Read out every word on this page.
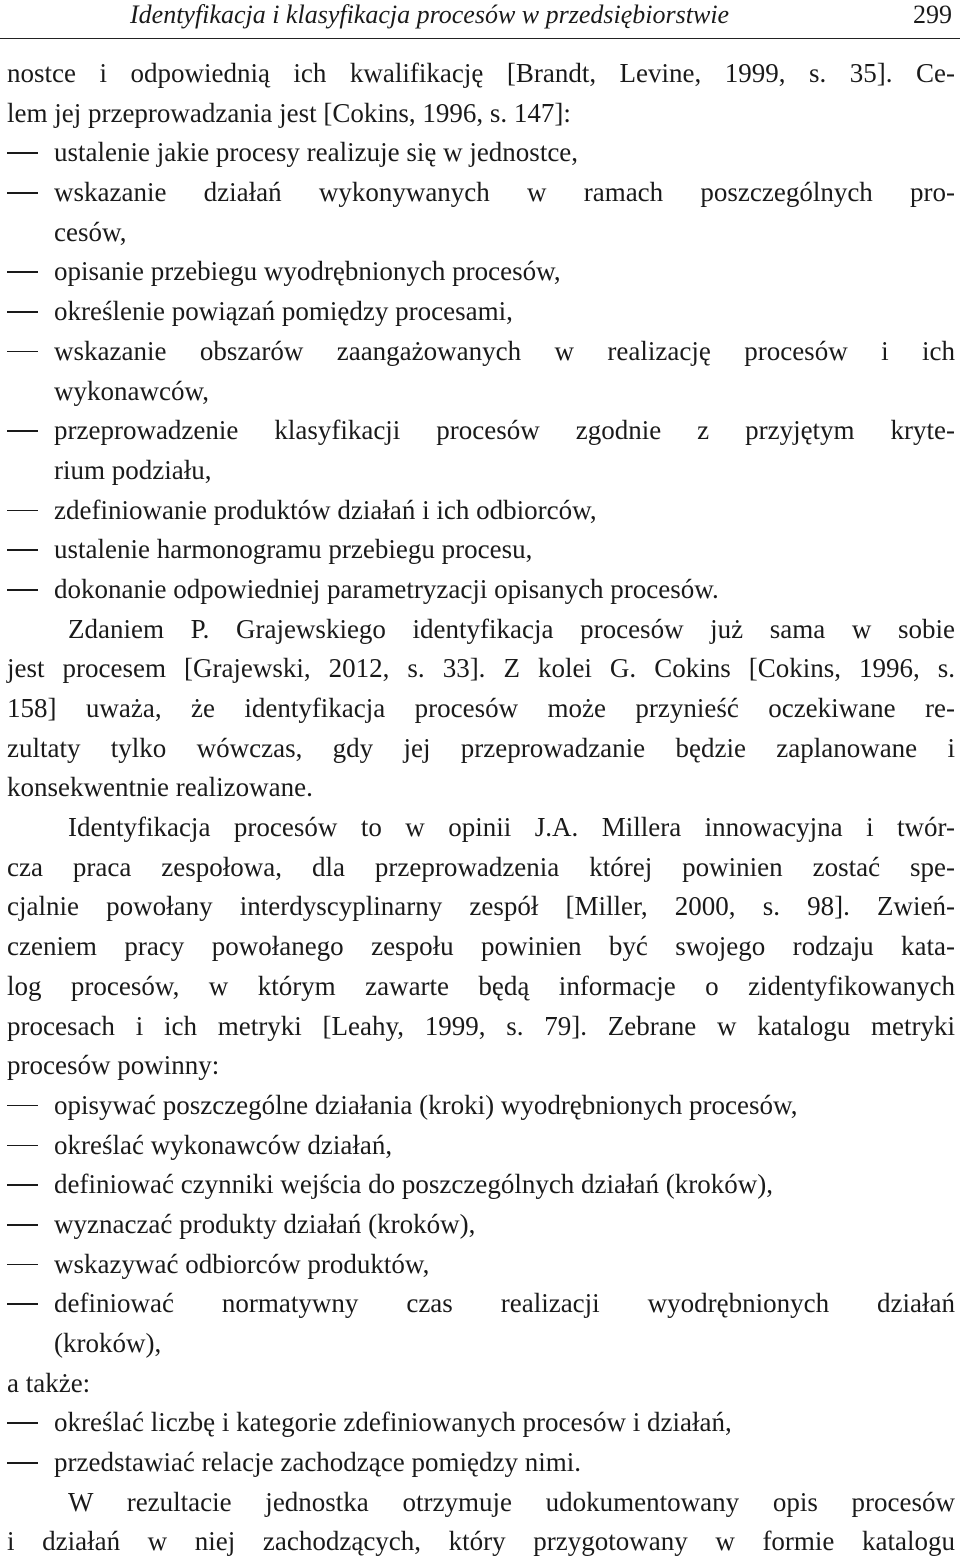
Identyfikacja i klasyfikacja procesów w przedsiębiorstwie	299
nostce i odpowiednią ich kwalifikację [Brandt, Levine, 1999, s. 35]. Ce-
lem jej przeprowadzania jest [Cokins, 1996, s. 147]:
ustalenie jakie procesy realizuje się w jednostce,
wskazanie działań wykonywanych w ramach poszczególnych pro-
cesów,
opisanie przebiegu wyodrębnionych procesów,
określenie powiązań pomiędzy procesami,
wskazanie obszarów zaangażowanych w realizację procesów i ich
wykonawców,
przeprowadzenie klasyfikacji procesów zgodnie z przyjętym kryte-
rium podziału,
zdefiniowanie produktów działań i ich odbiorców,
ustalenie harmonogramu przebiegu procesu,
dokonanie odpowiedniej parametryzacji opisanych procesów.
Zdaniem P. Grajewskiego identyfikacja procesów już sama w sobie
jest procesem [Grajewski, 2012, s. 33]. Z kolei G. Cokins [Cokins, 1996, s.
158] uważa, że identyfikacja procesów może przynieść oczekiwane re-
zultaty tylko wówczas, gdy jej przeprowadzanie będzie zaplanowane i
konsekwentnie realizowane.
Identyfikacja procesów to w opinii J.A. Millera innowacyjna i twór-
cza praca zespołowa, dla przeprowadzenia której powinien zostać spe-
cjalnie powołany interdyscyplinarny zespół [Miller, 2000, s. 98]. Zwień-
czeniem pracy powołanego zespołu powinien być swojego rodzaju kata-
log procesów, w którym zawarte będą informacje o zidentyfikowanych
procesach i ich metryki [Leahy, 1999, s. 79]. Zebrane w katalogu metryki
procesów powinny:
opisywać poszczególne działania (kroki) wyodrębnionych procesów,
określać wykonawców działań,
definiować czynniki wejścia do poszczególnych działań (kroków),
wyznaczać produkty działań (kroków),
wskazywać odbiorców produktów,
definiować normatywny czas realizacji wyodrębnionych działań
(kroków),
a także:
określać liczbę i kategorie zdefiniowanych procesów i działań,
przedstawiać relacje zachodzące pomiędzy nimi.
W rezultacie jednostka otrzymuje udokumentowany opis procesów
i działań w niej zachodzących, który przygotowany w formie katalogu
